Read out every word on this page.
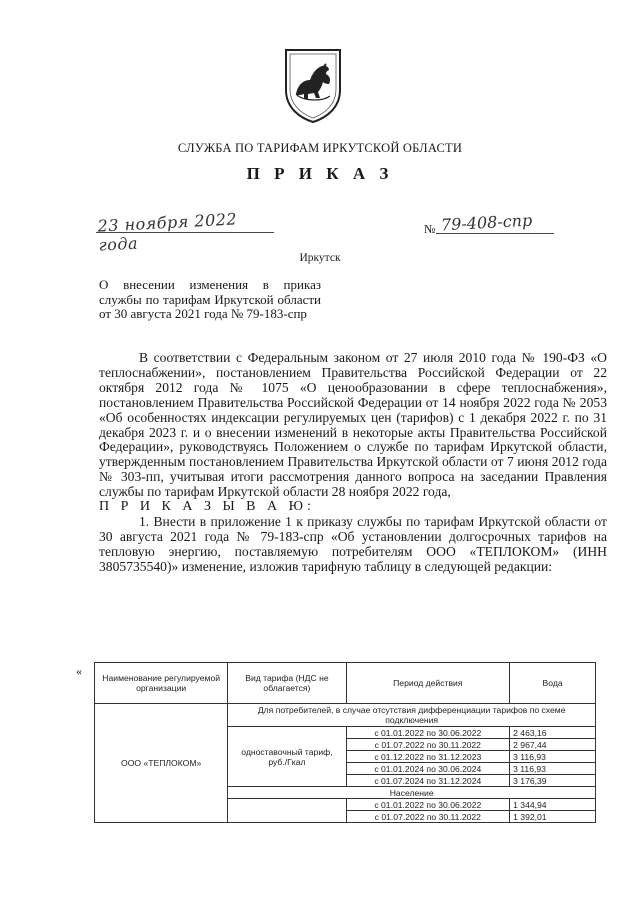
СЛУЖБА ПО ТАРИФАМ ИРКУТСКОЙ ОБЛАСТИ
П Р И К А З
23 ноября 2022 года
№ 79-408-спр
Иркутск
О внесении изменения в приказ службы по тарифам Иркутской области от 30 августа 2021 года № 79-183-спр

В соответствии с Федеральным законом от 27 июля 2010 года № 190-ФЗ «О теплоснабжении», постановлением Правительства Российской Федерации от 22 октября 2012 года № 1075 «О ценообразовании в сфере теплоснабжения», постановлением Правительства Российской Федерации от 14 ноября 2022 года № 2053 «Об особенностях индексации регулируемых цен (тарифов) с 1 декабря 2022 г. по 31 декабря 2023 г. и о внесении изменений в некоторые акты Правительства Российской Федерации», руководствуясь Положением о службе по тарифам Иркутской области, утвержденным постановлением Правительства Иркутской области от 7 июня 2012 года № 303-пп, учитывая итоги рассмотрения данного вопроса на заседании Правления службы по тарифам Иркутской области 28 ноября 2022 года,

П Р И К А З Ы В А Ю:

1. Внести в приложение 1 к приказу службы по тарифам Иркутской области от 30 августа 2021 года № 79-183-спр «Об установлении долгосрочных тарифов на тепловую энергию, поставляемую потребителям ООО «ТЕПЛОКОМ» (ИНН 3805735540)» изменение, изложив тарифную таблицу в следующей редакции:

« Наименование регулируемой организации	Вид тарифа (НДС не облагается)	Период действия	Вода
ООО «ТЕПЛОКОМ»	Для потребителей, в случае отсутствия дифференциации тарифов по схеме подключения		
	одноставочный тариф, руб./Гкал	с 01.01.2022 по 30.06.2022	2 463,16
		с 01.07.2022 по 30.11.2022	2 967,44
		с 01.12.2022 по 31.12.2023	3 116,93
		с 01.01.2024 по 30.06.2024	3 116,93
		с 01.07.2024 по 31.12.2024	3 176,39
	Население		
		с 01.01.2022 по 30.06.2022	1 344,94
		с 01.07.2022 по 30.11.2022	1 392,01
